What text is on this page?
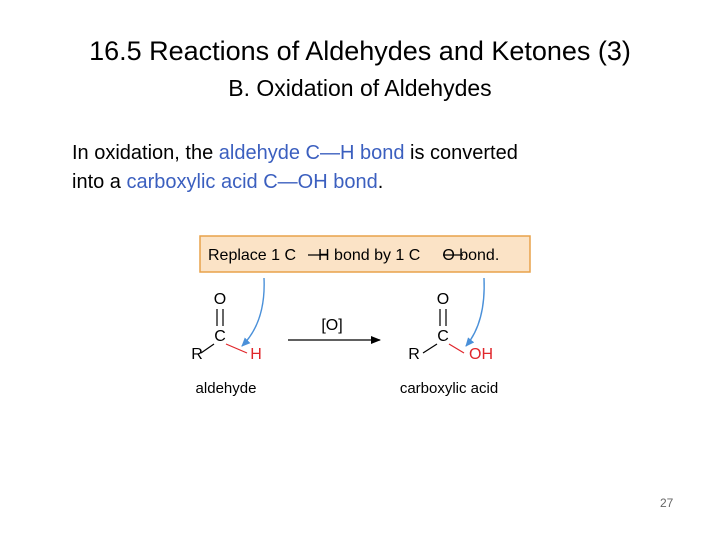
16.5 Reactions of Aldehydes and Ketones (3)
B. Oxidation of Aldehydes
In oxidation, the aldehyde C—H bond is converted
into a carboxylic acid C—OH bond.
Replace 1 C H bond by 1 C O bond.
O
C
R	H
aldehyde
[O]
O
C
R	OH
carboxylic acid
27
